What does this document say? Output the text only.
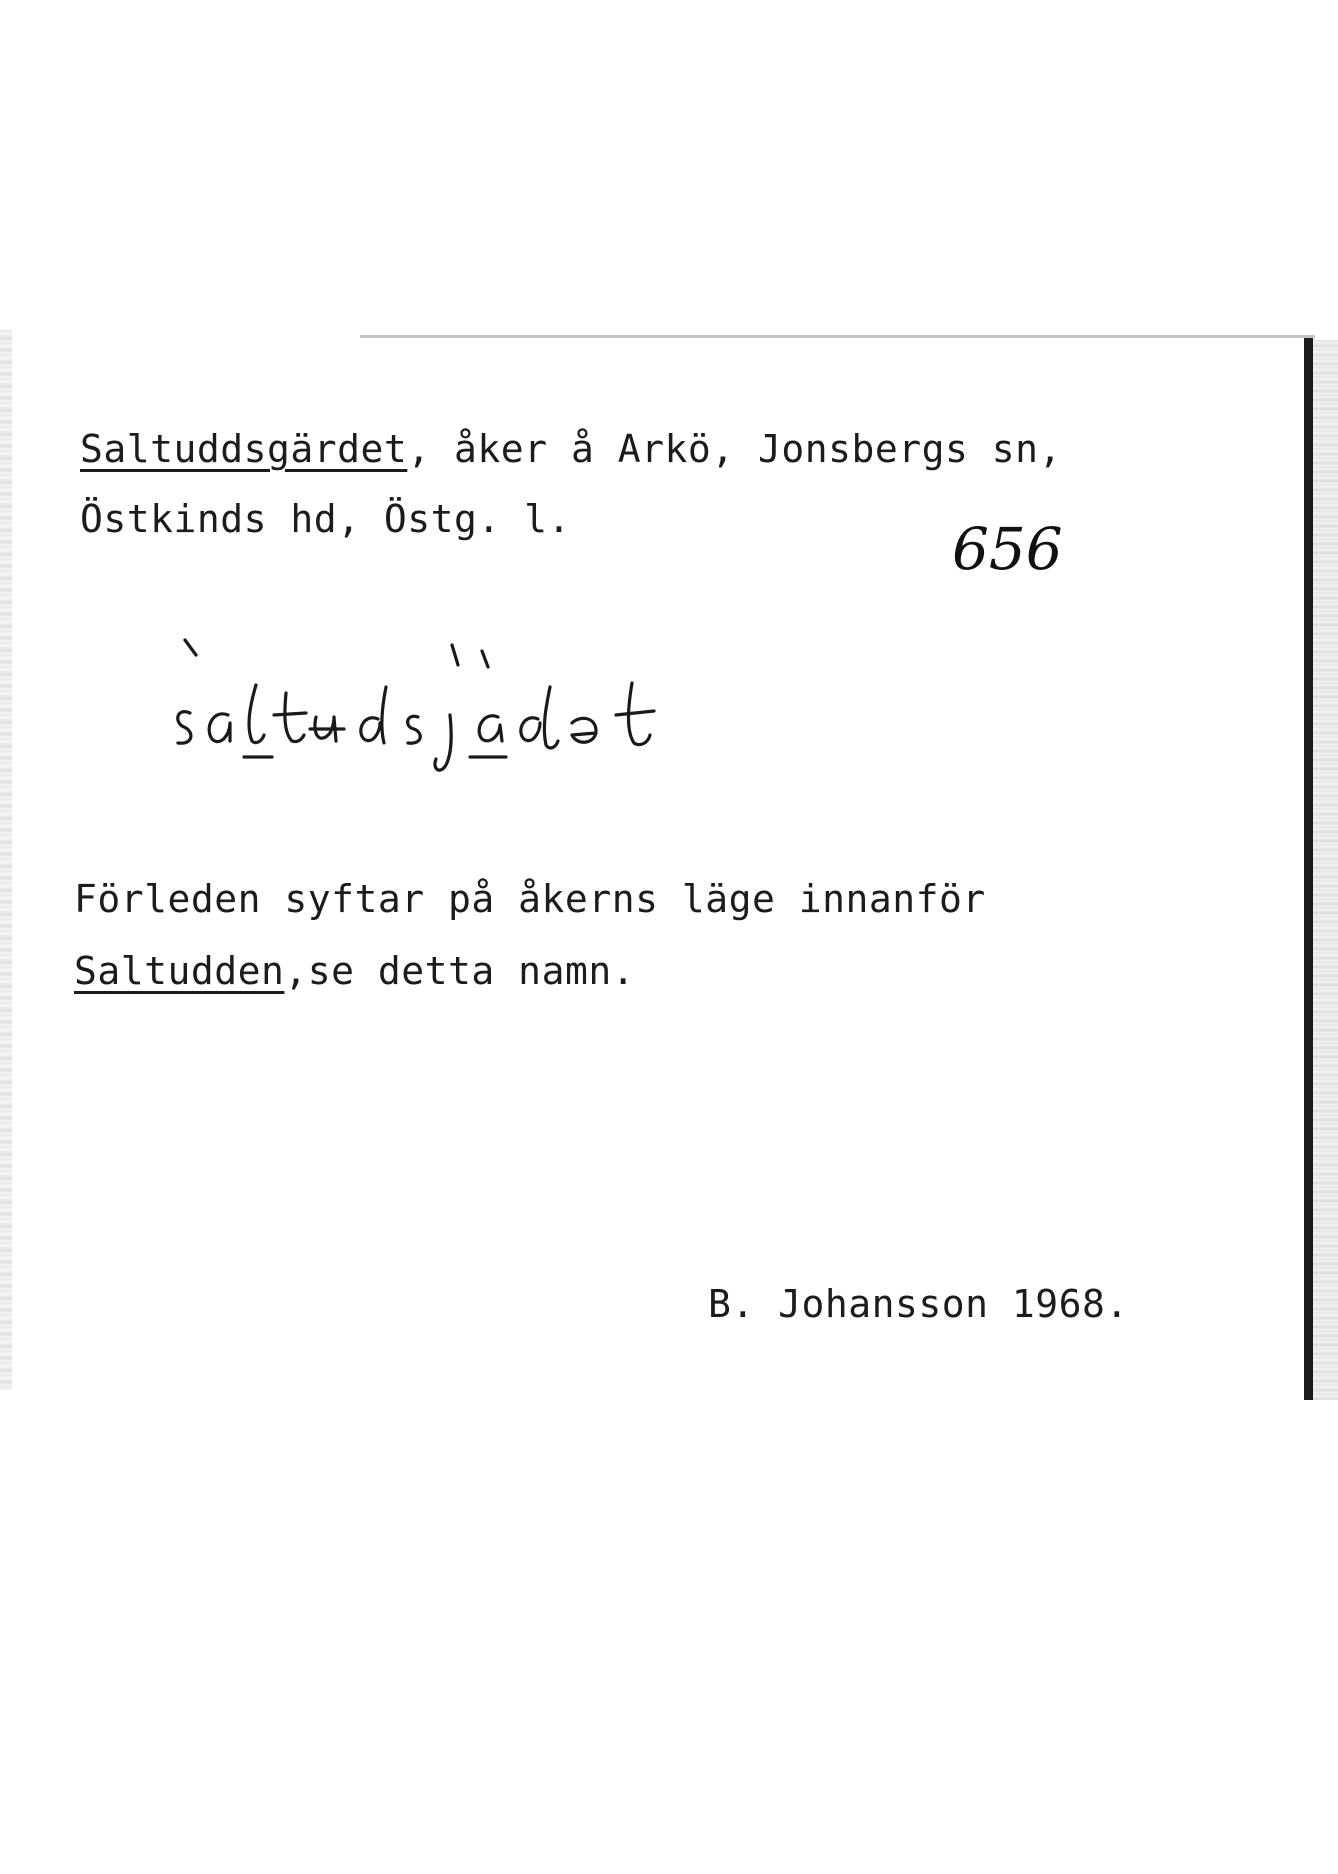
Saltuddsgärdet, åker å Arkö, Jonsbergs sn,
Östkinds hd, Östg. l.	656
Förleden syftar på åkerns läge innanför
Saltudden,se detta namn.
B. Johansson 1968.
